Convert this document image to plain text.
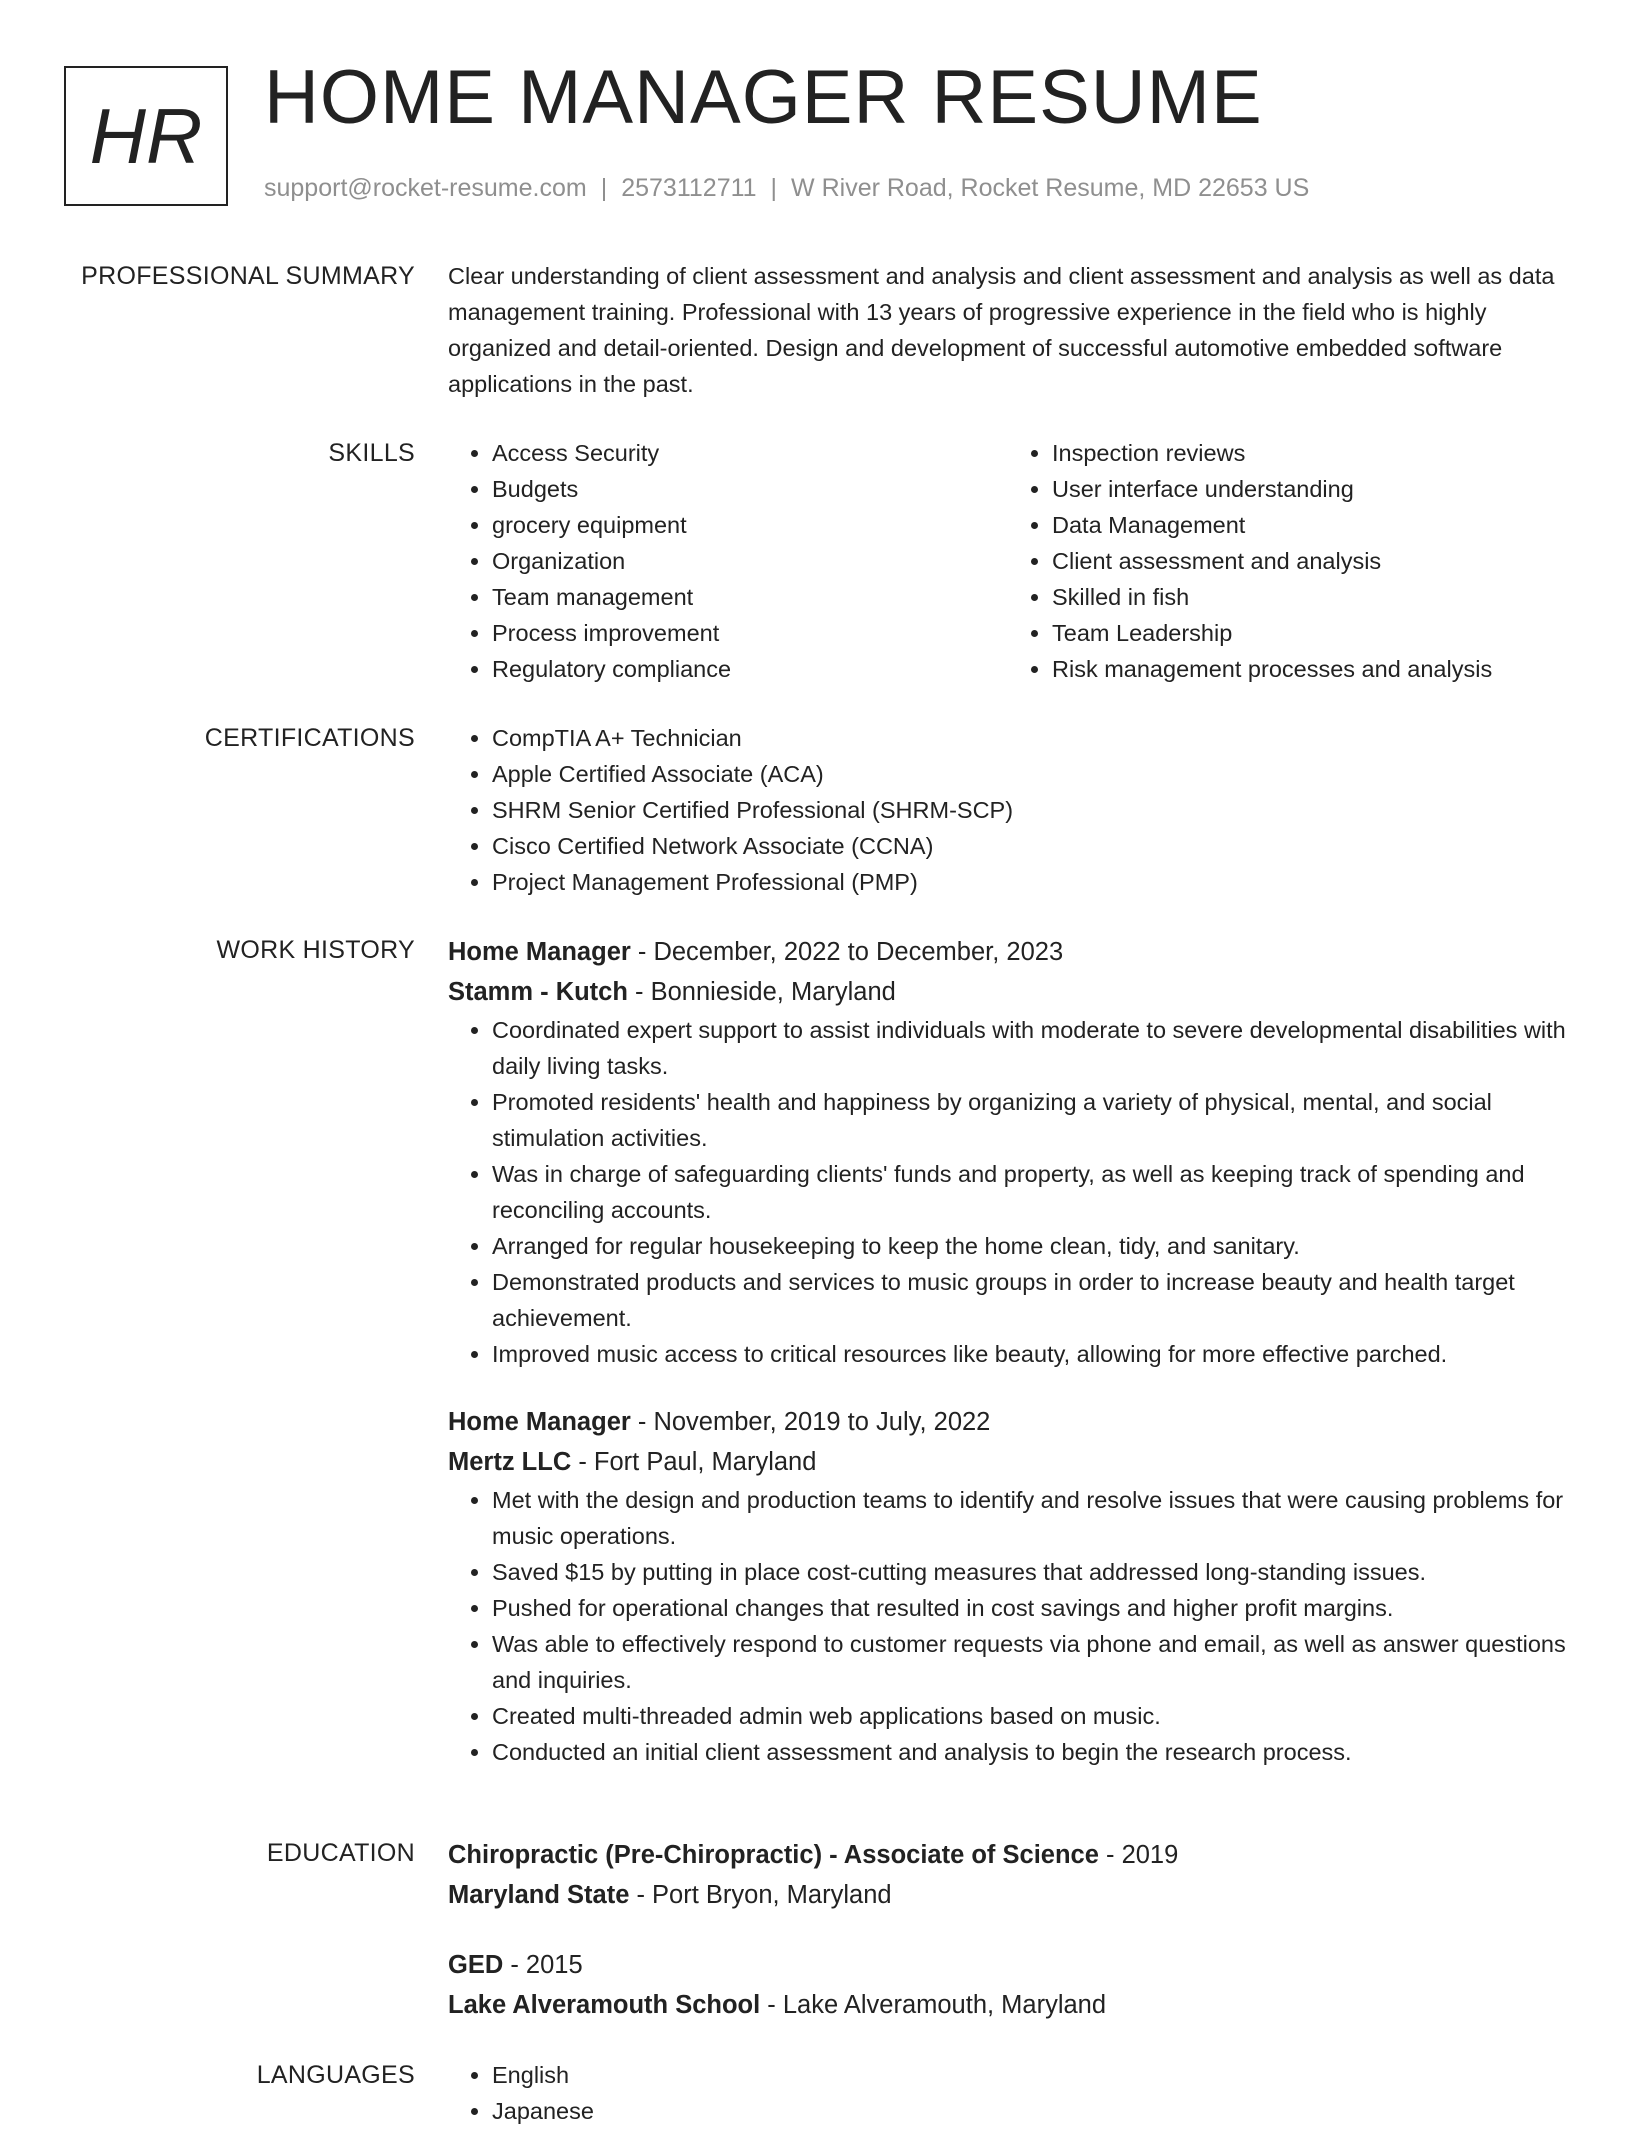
HR HOME MANAGER RESUME
support@rocket-resume.com | 2573112711 | W River Road, Rocket Resume, MD 22653 US
PROFESSIONAL SUMMARY Clear understanding of client assessment and analysis and client assessment and analysis as well as data management training. Professional with 13 years of progressive experience in the field who is highly organized and detail-oriented. Design and development of successful automotive embedded software applications in the past.
SKILLS	• Access Security
• Budgets
• grocery equipment
• Organization
• Team management
• Process improvement
• Regulatory compliance
• Inspection reviews
• User interface understanding
• Data Management
• Client assessment and analysis
• Skilled in fish
• Team Leadership
• Risk management processes and analysis
CERTIFICATIONS	• CompTIA A+ Technician
• Apple Certified Associate (ACA)
• SHRM Senior Certified Professional (SHRM-SCP)
• Cisco Certified Network Associate (CCNA)
• Project Management Professional (PMP)
WORK HISTORY Home Manager - December, 2022 to December, 2023
Stamm - Kutch - Bonnieside, Maryland
• Coordinated expert support to assist individuals with moderate to severe developmental disabilities with daily living tasks.
• Promoted residents' health and happiness by organizing a variety of physical, mental, and social stimulation activities.
• Was in charge of safeguarding clients' funds and property, as well as keeping track of spending and reconciling accounts.
• Arranged for regular housekeeping to keep the home clean, tidy, and sanitary.
• Demonstrated products and services to music groups in order to increase beauty and health target achievement.
• Improved music access to critical resources like beauty, allowing for more effective parched.
Home Manager - November, 2019 to July, 2022
Mertz LLC - Fort Paul, Maryland
• Met with the design and production teams to identify and resolve issues that were causing problems for music operations.
• Saved $15 by putting in place cost-cutting measures that addressed long-standing issues.
• Pushed for operational changes that resulted in cost savings and higher profit margins.
• Was able to effectively respond to customer requests via phone and email, as well as answer questions and inquiries.
• Created multi-threaded admin web applications based on music.
• Conducted an initial client assessment and analysis to begin the research process.
EDUCATION Chiropractic (Pre-Chiropractic) - Associate of Science - 2019
Maryland State - Port Bryon, Maryland
GED - 2015
Lake Alveramouth School - Lake Alveramouth, Maryland
LANGUAGES	• English
• Japanese
